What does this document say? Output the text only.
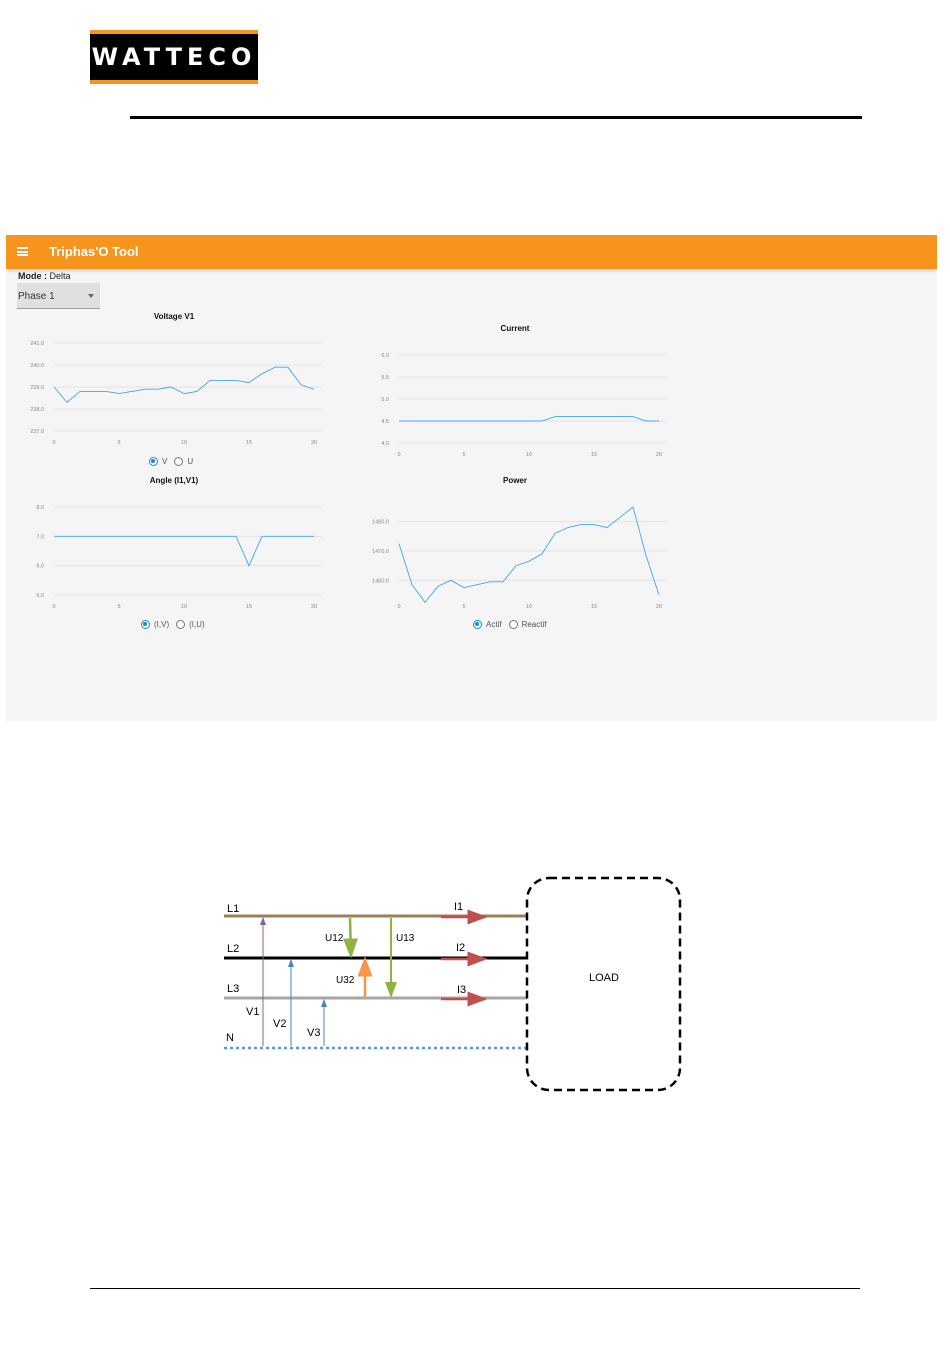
WATTECO
Triphas'O Tool
Mode : Delta
Phase 1
Voltage V1
241.0
240.0
239.0
238.0
237.0
0	5	10	15	20
V	U
Current
6.0
5.5
5.0
4.5
4.0
0	5	10	15	20
Angle (I1,V1)
8.0
7.0
6.0
5.0
0	5	10	15	20
(I,V)	(I,U)
Power
1480.0
1470.0
1460.0
0	5	10	15	20
Actif	Reactif
L1
L2
L3
N
I1
I2
I3
U12	U13
U32
V1
V2
V3
LOAD
